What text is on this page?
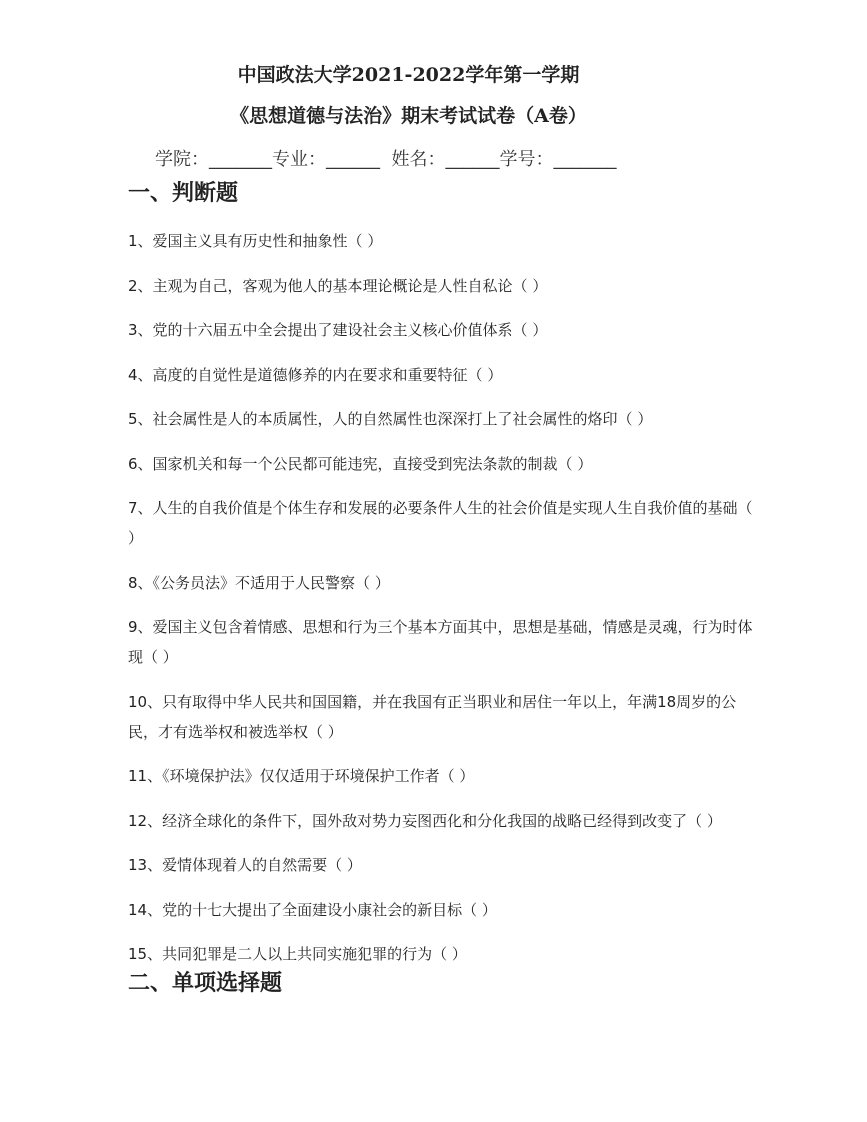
中国政法大学2021-2022学年第一学期
《思想道德与法治》期末考试试卷（A卷）
学院：_______专业：______  姓名：______学号：_______
一、判断题
1、爱国主义具有历史性和抽象性（ ）
2、主观为自己，客观为他人的基本理论概论是人性自私论（ ）
3、党的十六届五中全会提出了建设社会主义核心价值体系（ ）
4、高度的自觉性是道德修养的内在要求和重要特征（ ）
5、社会属性是人的本质属性，人的自然属性也深深打上了社会属性的烙印（ ）
6、国家机关和每一个公民都可能违宪，直接受到宪法条款的制裁（ ）
7、人生的自我价值是个体生存和发展的必要条件人生的社会价值是实现人生自我价值的基础（ ）
8、《公务员法》不适用于人民警察（ ）
9、爱国主义包含着情感、思想和行为三个基本方面其中，思想是基础，情感是灵魂，行为时体现（ ）
10、只有取得中华人民共和国国籍，并在我国有正当职业和居住一年以上，年满18周岁的公民，才有选举权和被选举权（ ）
11、《环境保护法》仅仅适用于环境保护工作者（ ）
12、经济全球化的条件下，国外敌对势力妄图西化和分化我国的战略已经得到改变了（ ）
13、爱情体现着人的自然需要（ ）
14、党的十七大提出了全面建设小康社会的新目标（ ）
15、共同犯罪是二人以上共同实施犯罪的行为（ ）
二、单项选择题
